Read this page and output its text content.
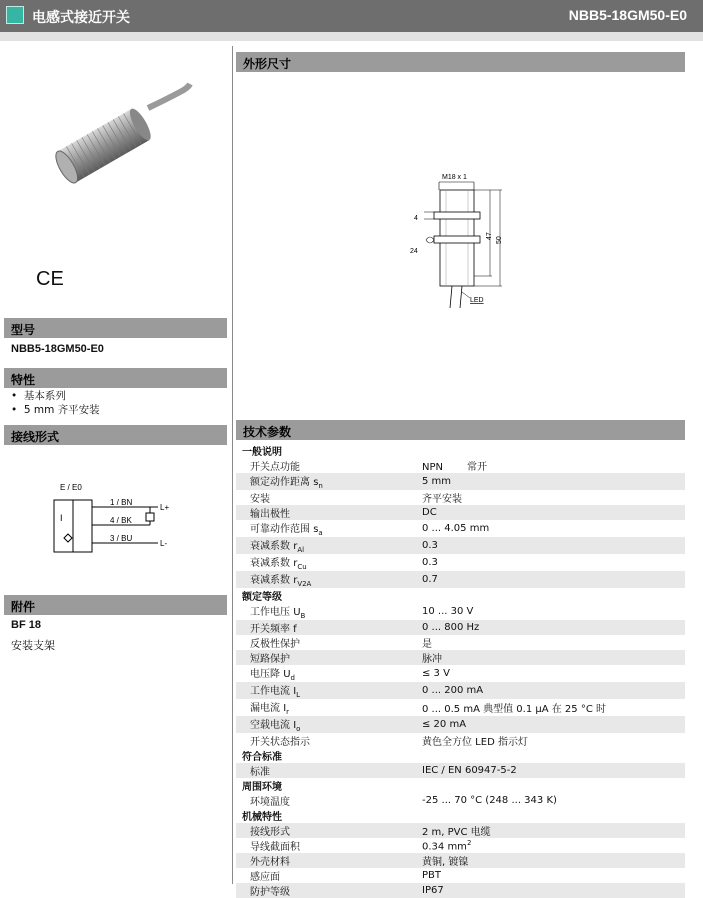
电感式接近开关	NBB5-18GM50-E0
CE
型号
NBB5-18GM50-E0
特性
•  基本系列
•  5 mm 齐平安装
接线形式
E / E0
I
1 / BN
4 / BK
3 / BU
L+
L-
附件
BF 18
安装支架
外形尺寸
M18 x 1
4
24
47
50
LED
技术参数
一般说明	
开关点功能	NPN 常开
额定动作距离 $s_n$	5 mm
安装	齐平安装
输出极性	DC
可靠动作范围 $s_a$	0 ... 4.05 mm
衰减系数 $r_{Al}$	0.3
衰减系数 $r_{Cu}$	0.3
衰减系数 $r_{V2A}$	0.7
额定等级	
工作电压 $U_B$	10 ... 30 V
开关频率 f	0 ... 800 Hz
反极性保护	是
短路保护	脉冲
电压降 $U_d$	≤ 3 V
工作电流 $I_L$	0 ... 200 mA
漏电流 $I_r$	0 ... 0.5 mA 典型值 0.1 μA 在 25 °C 时
空载电流 $I_o$	≤ 20 mA
开关状态指示	黄色全方位 LED 指示灯
符合标准	
标准	IEC / EN 60947-5-2
周围环境	
环境温度	-25 ... 70 °C (248 ... 343 K)
机械特性	
接线形式	2 m, PVC 电缆
导线截面积	0.34 $mm^2$
外壳材料	黄铜, 镀镍
感应面	PBT
防护等级	IP67
